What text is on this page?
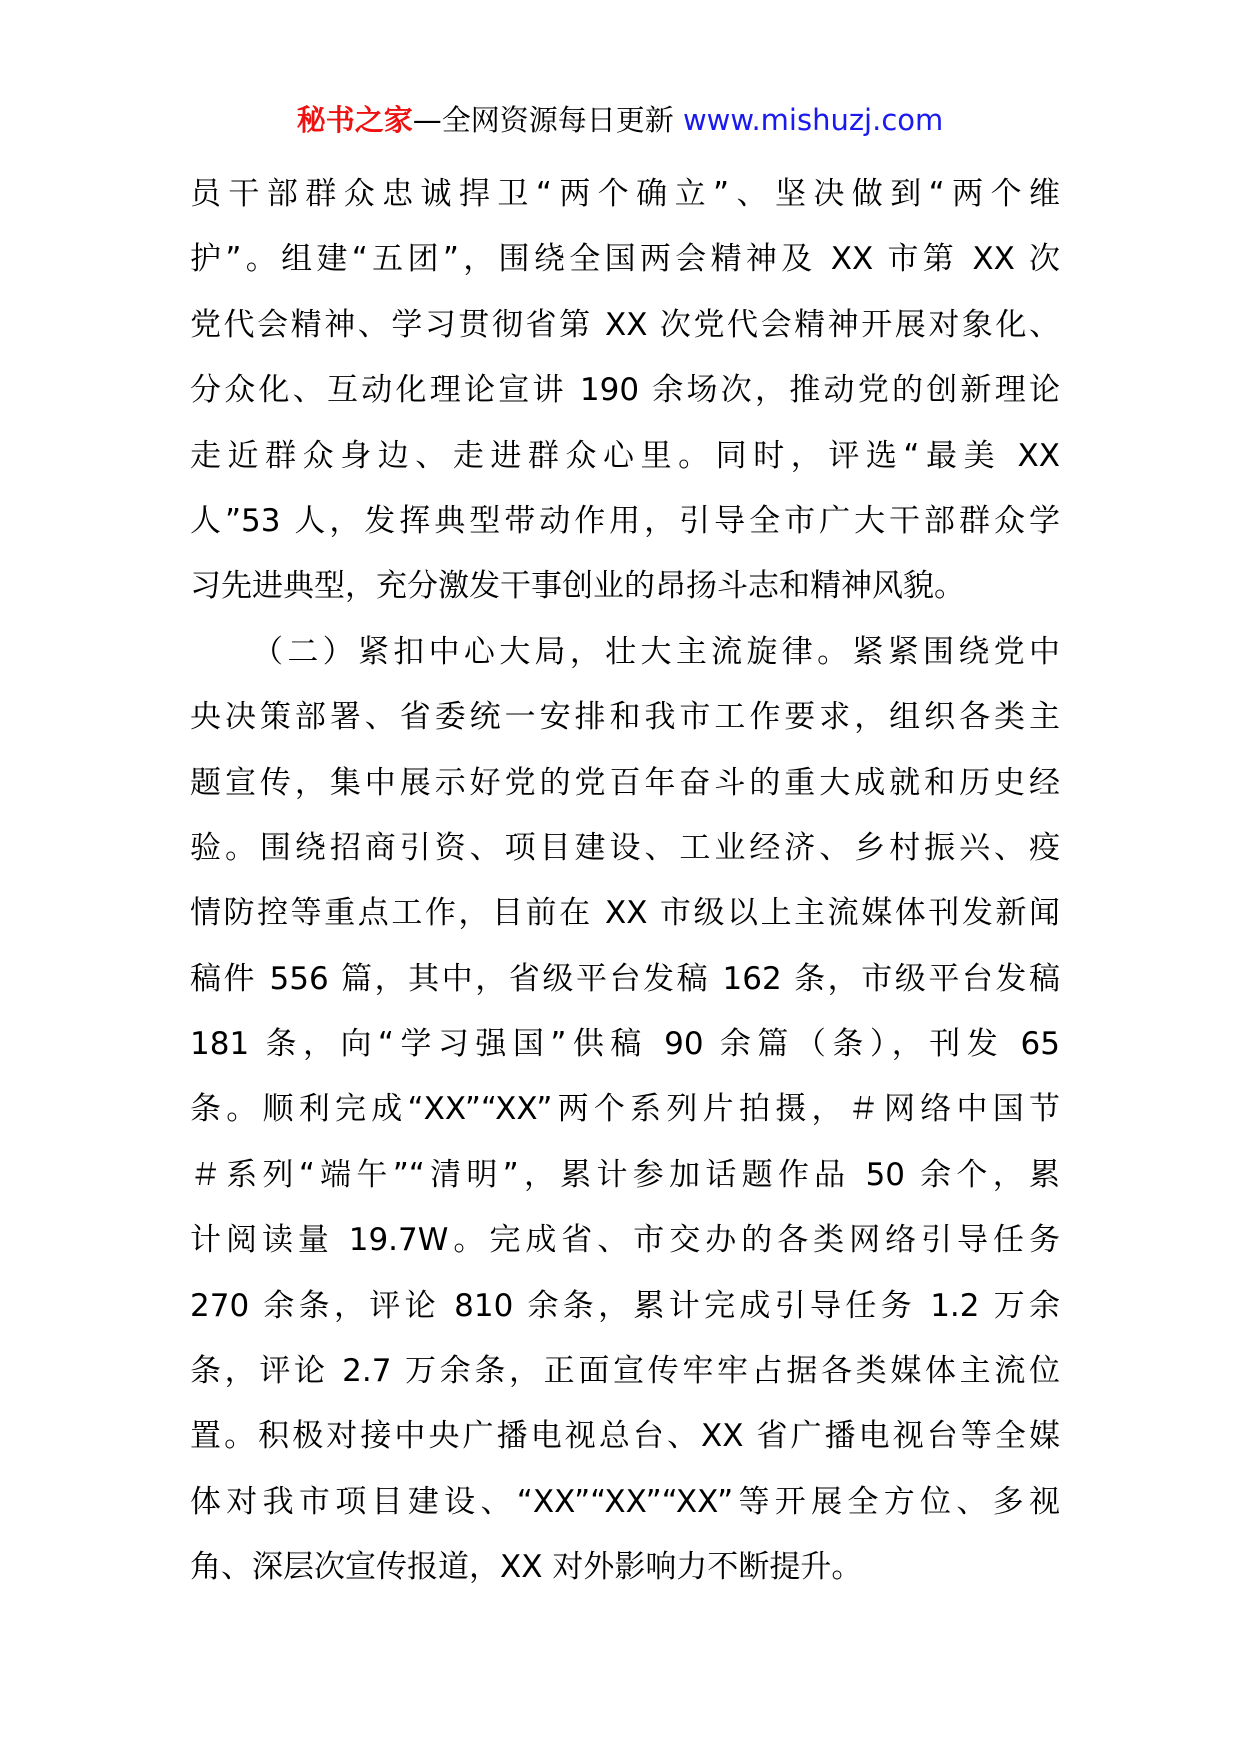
秘书之家—全网资源每日更新 www.mishuzj.com
员干部群众忠诚捍卫“两个确立”、坚决做到“两个维
护”。组建“五团”，围绕全国两会精神及 XX 市第 XX 次
党代会精神、学习贯彻省第 XX 次党代会精神开展对象化、
分众化、互动化理论宣讲 190 余场次，推动党的创新理论
走近群众身边、走进群众心里。同时，评选“最美 XX
人”53 人，发挥典型带动作用，引导全市广大干部群众学
习先进典型，充分激发干事创业的昂扬斗志和精神风貌。
（二）紧扣中心大局，壮大主流旋律。紧紧围绕党中
央决策部署、省委统一安排和我市工作要求，组织各类主
题宣传，集中展示好党的党百年奋斗的重大成就和历史经
验。围绕招商引资、项目建设、工业经济、乡村振兴、疫
情防控等重点工作，目前在 XX 市级以上主流媒体刊发新闻
稿件 556 篇，其中，省级平台发稿 162 条，市级平台发稿
181 条，向“学习强国”供稿 90 余篇（条），刊发 65
条。顺利完成“XX”“XX”两个系列片拍摄，＃网络中国节
＃系列“端午”“清明”，累计参加话题作品 50 余个，累
计阅读量 19.7W。完成省、市交办的各类网络引导任务
270 余条，评论 810 余条，累计完成引导任务 1.2 万余
条，评论 2.7 万余条，正面宣传牢牢占据各类媒体主流位
置。积极对接中央广播电视总台、XX 省广播电视台等全媒
体对我市项目建设、“XX”“XX”“XX”等开展全方位、多视
角、深层次宣传报道，XX 对外影响力不断提升。
